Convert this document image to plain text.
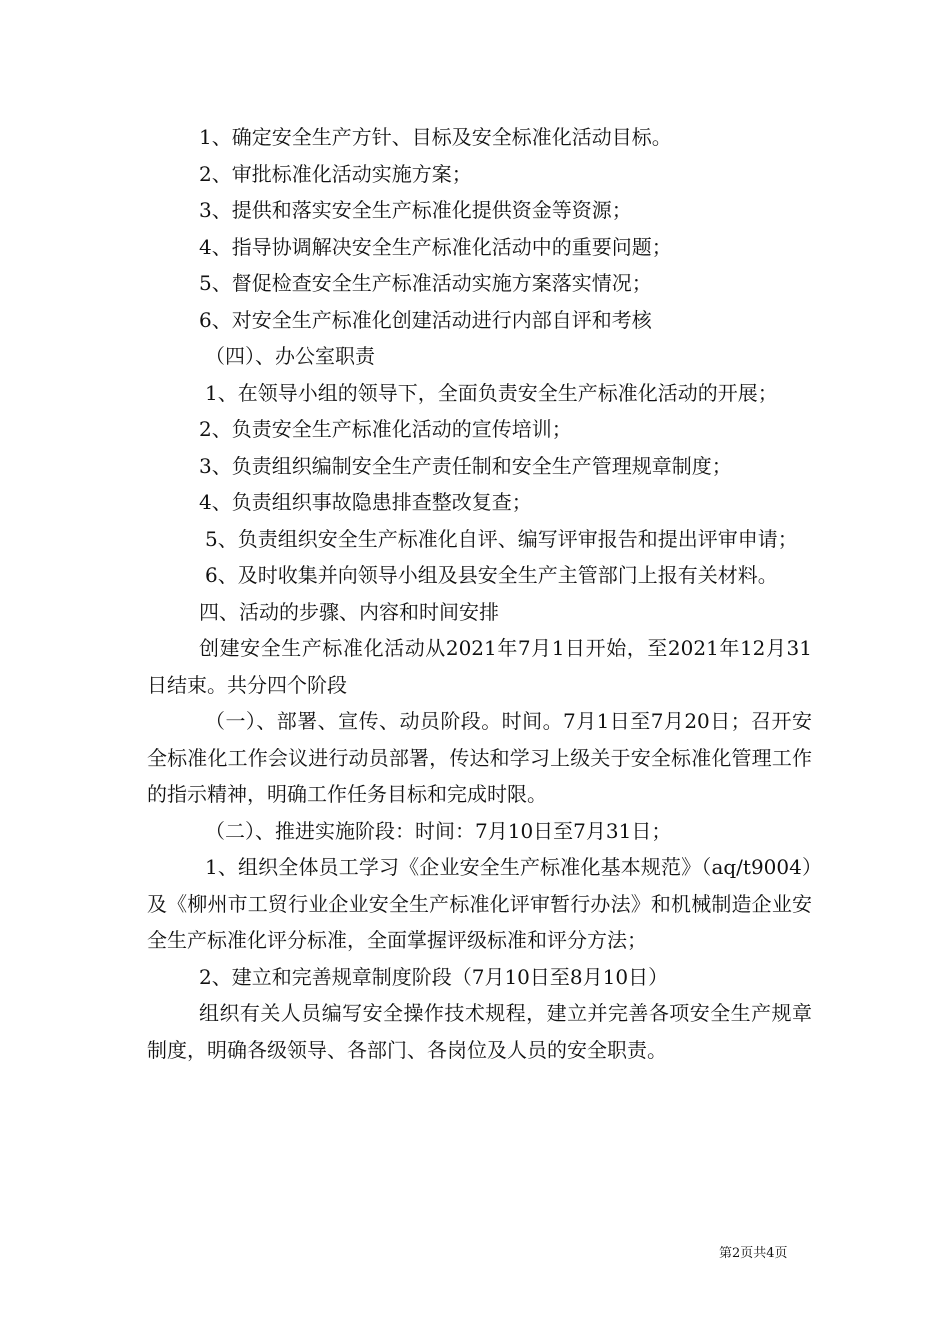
1、确定安全生产方针、目标及安全标准化活动目标。

2、审批标准化活动实施方案；

3、提供和落实安全生产标准化提供资金等资源；

4、指导协调解决安全生产标准化活动中的重要问题；

5、督促检查安全生产标准活动实施方案落实情况；

6、对安全生产标准化创建活动进行内部自评和考核

（四）、办公室职责

1、在领导小组的领导下，全面负责安全生产标准化活动的开展；

2、负责安全生产标准化活动的宣传培训；

3、负责组织编制安全生产责任制和安全生产管理规章制度；

4、负责组织事故隐患排查整改复查；

5、负责组织安全生产标准化自评、编写评审报告和提出评审申请；

6、及时收集并向领导小组及县安全生产主管部门上报有关材料。

四、活动的步骤、内容和时间安排

创建安全生产标准化活动从2021年7月1日开始，至2021年12月31日结束。共分四个阶段

（一）、部署、宣传、动员阶段。时间。7月1日至7月20日；召开安全标准化工作会议进行动员部署，传达和学习上级关于安全标准化管理工作的指示精神，明确工作任务目标和完成时限。

（二）、推进实施阶段：时间：7月10日至7月31日；

1、组织全体员工学习《企业安全生产标准化基本规范》（aq/t9004）及《柳州市工贸行业企业安全生产标准化评审暂行办法》和机械制造企业安全生产标准化评分标准，全面掌握评级标准和评分方法；

2、建立和完善规章制度阶段（7月10日至8月10日）

组织有关人员编写安全操作技术规程，建立并完善各项安全生产规章制度，明确各级领导、各部门、各岗位及人员的安全职责。

第2页共4页
